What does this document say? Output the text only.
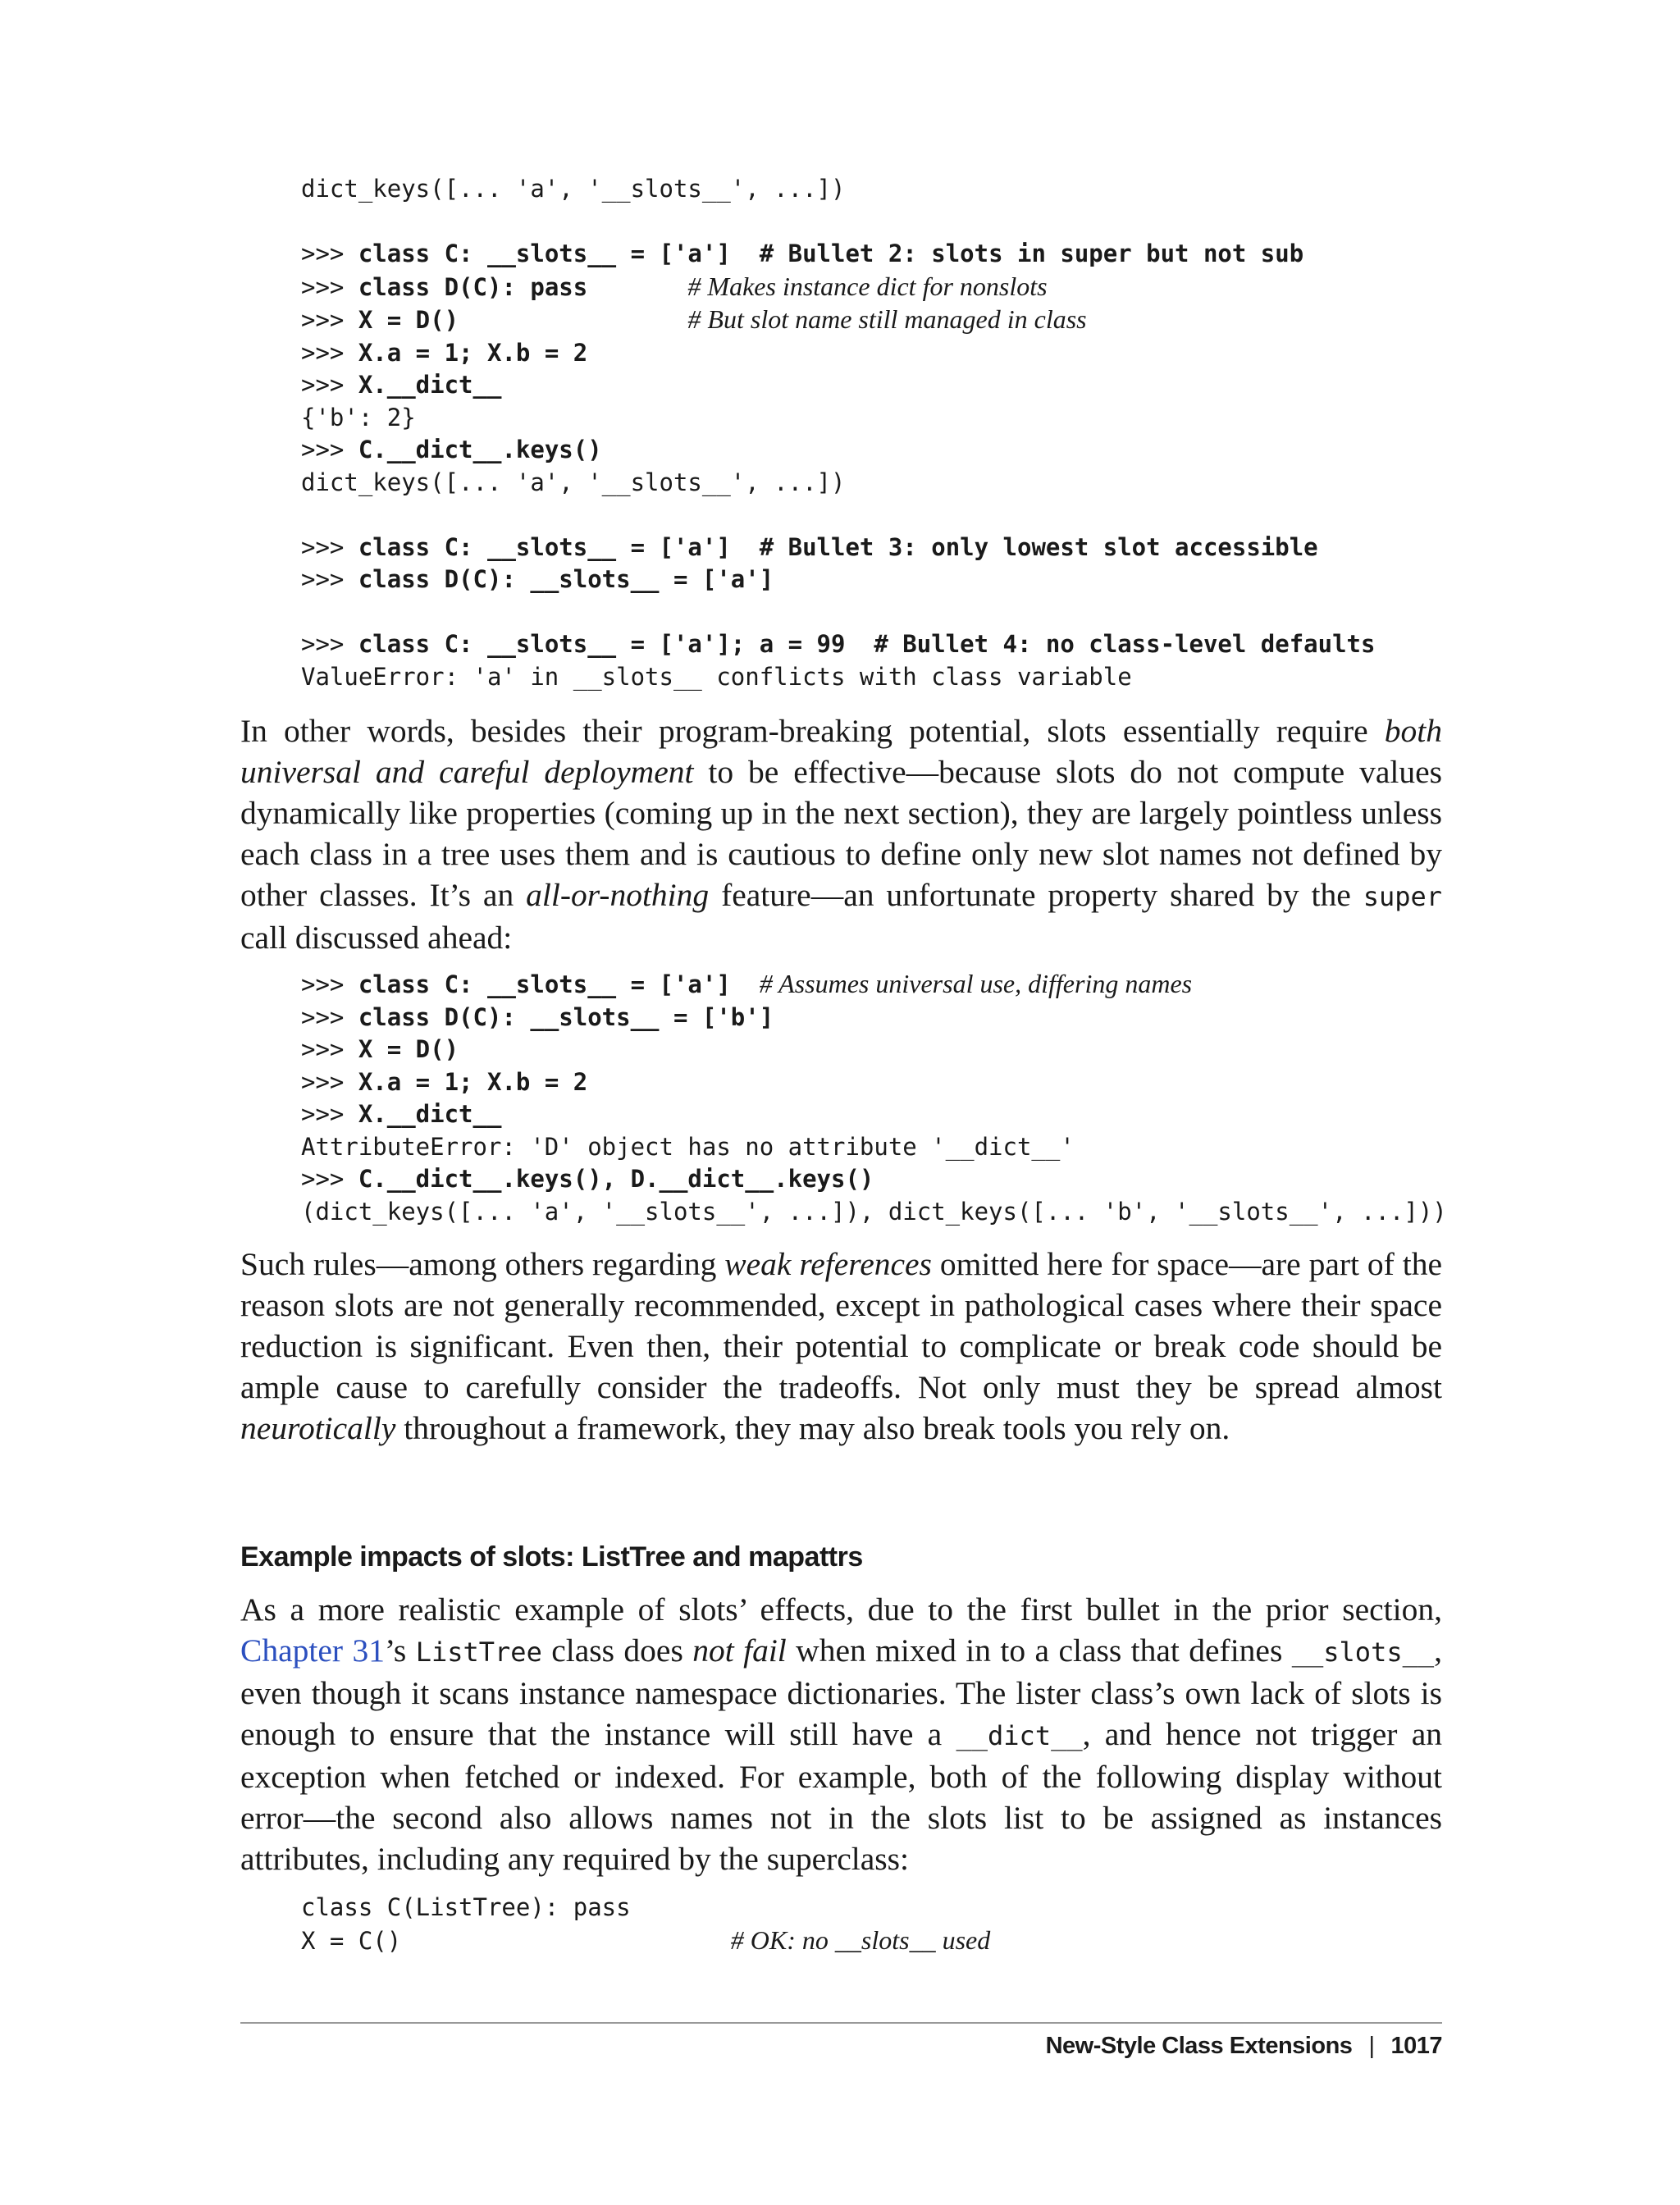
dict_keys([... 'a', '__slots__', ...])

>>> class C: __slots__ = ['a'] # Bullet 2: slots in super but not sub
>>> class D(C): pass	# Makes instance dict for nonslots
>>> X = D()	# But slot name still managed in class
>>> X.a = 1; X.b = 2
>>> X.__dict__
{'b': 2}
>>> C.__dict__.keys()
dict_keys([... 'a', '__slots__', ...])

>>> class C: __slots__ = ['a'] # Bullet 3: only lowest slot accessible
>>> class D(C): __slots__ = ['a']

>>> class C: __slots__ = ['a']; a = 99  # Bullet 4: no class-level defaults
ValueError: 'a' in __slots__ conflicts with class variable

In other words, besides their program-breaking potential, slots essentially require both universal and careful deployment to be effective—because slots do not compute values dynamically like properties (coming up in the next section), they are largely pointless unless each class in a tree uses them and is cautious to define only new slot names not defined by other classes. It’s an all-or-nothing feature—an unfortunate property shared by the super call discussed ahead:

>>> class C: __slots__ = ['a'] # Assumes universal use, differing names
>>> class D(C): __slots__ = ['b']
>>> X = D()
>>> X.a = 1; X.b = 2
>>> X.__dict__
AttributeError: 'D' object has no attribute '__dict__'
>>> C.__dict__.keys(), D.__dict__.keys()
(dict_keys([... 'a', '__slots__', ...]), dict_keys([... 'b', '__slots__', ...]))

Such rules—among others regarding weak references omitted here for space—are part of the reason slots are not generally recommended, except in pathological cases where their space reduction is significant. Even then, their potential to complicate or break code should be ample cause to carefully consider the tradeoffs. Not only must they be spread almost neurotically throughout a framework, they may also break tools you rely on.

Example impacts of slots: ListTree and mapattrs

As a more realistic example of slots’ effects, due to the first bullet in the prior section, Chapter 31’s ListTree class does not fail when mixed in to a class that defines __slots__, even though it scans instance namespace dictionaries. The lister class’s own lack of slots is enough to ensure that the instance will still have a __dict__, and hence not trigger an exception when fetched or indexed. For example, both of the following display without error—the second also allows names not in the slots list to be assigned as instances attributes, including any required by the superclass:

class C(ListTree): pass
X = C()	# OK: no __slots__ used

New-Style Class Extensions | 1017
